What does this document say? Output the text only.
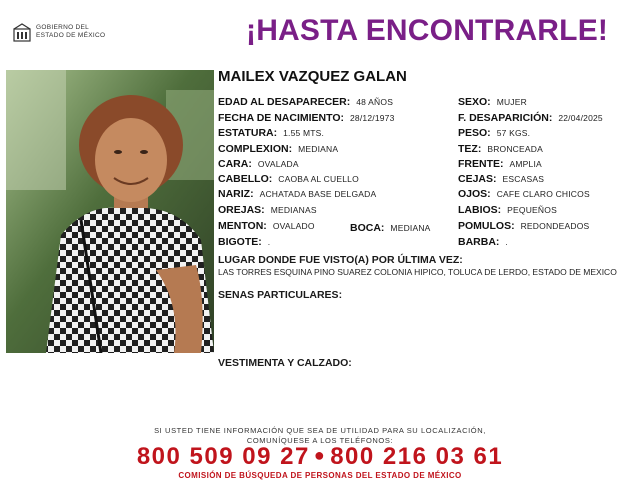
GOBIERNO DEL
ESTADO DE MÉXICO	¡HASTA ENCONTRARLE!
MAILEX VAZQUEZ GALAN
EDAD AL DESAPARECER: 48 AÑOS
FECHA DE NACIMIENTO: 28/12/1973
ESTATURA: 1.55 MTS.
COMPLEXION: MEDIANA
CARA: OVALADA
CABELLO: CAOBA AL CUELLO
NARIZ: ACHATADA BASE DELGADA
OREJAS: MEDIANAS
MENTON: OVALADO	BOCA: MEDIANA
BIGOTE: .
SEXO: MUJER
F. DESAPARICIÓN: 22/04/2025
PESO: 57 KGS.
TEZ: BRONCEADA
FRENTE: AMPLIA
CEJAS: ESCASAS
OJOS: CAFE CLARO CHICOS
LABIOS: PEQUEÑOS
POMULOS: REDONDEADOS
BARBA: .
LUGAR DONDE FUE VISTO(A) POR ÚLTIMA VEZ:
LAS TORRES ESQUINA PINO SUAREZ COLONIA HIPICO, TOLUCA DE LERDO, ESTADO DE MEXICO
SENAS PARTICULARES:
VESTIMENTA Y CALZADO:
SI USTED TIENE INFORMACIÓN QUE SEA DE UTILIDAD PARA SU LOCALIZACIÓN,
COMUNÍQUESE A LOS TELÉFONOS:
800 509 09 27 ● 800 216 03 61
COMISIÓN DE BÚSQUEDA DE PERSONAS DEL ESTADO DE MÉXICO
